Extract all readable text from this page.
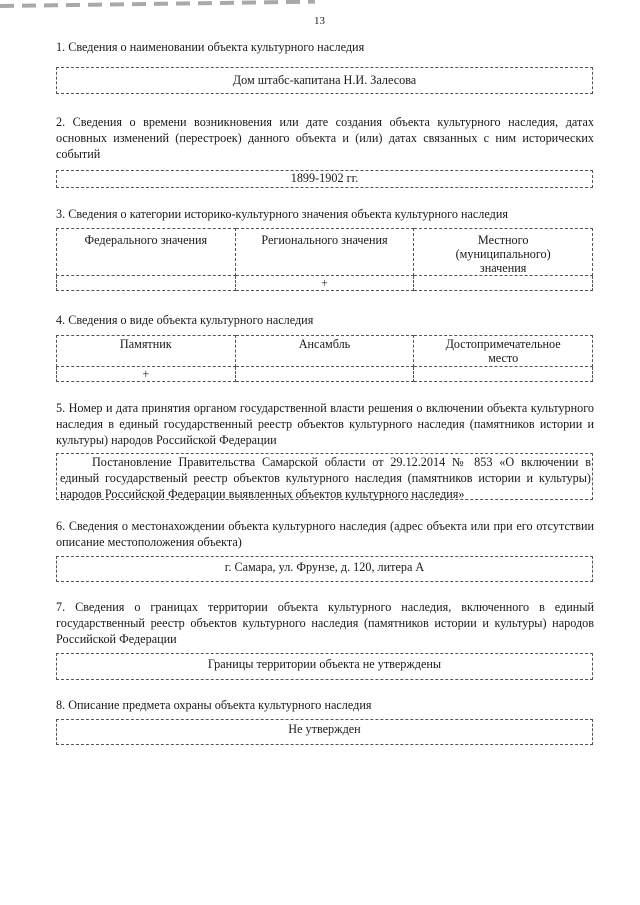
13
1. Сведения о наименовании объекта культурного наследия
Дом штабс-капитана Н.И. Залесова
2. Сведения о времени возникновения или дате создания объекта культурного наследия, датах основных изменений (перестроек) данного объекта и (или) датах связанных с ним исторических событий
1899-1902 гг.
3. Сведения о категории историко-культурного значения объекта культурного наследия
Федерального значения	Регионального значения	Местного (муниципального) значения
	+	
4. Сведения о виде объекта культурного наследия
Памятник	Ансамбль	Достопримечательное место
+		
5. Номер и дата принятия органом государственной власти решения о включении объекта культурного наследия в единый государственный реестр объектов культурного наследия (памятников истории и культуры) народов Российской Федерации
Постановление Правительства Самарской области от 29.12.2014 № 853 «О включении в единый государственый реестр объектов культурного наследия (памятников истории и культуры) народов Российской Федерации выявленных объектов культурного наследия»
6. Сведения о местонахождении объекта культурного наследия (адрес объекта или при его отсутствии описание местоположения объекта)
г. Самара, ул. Фрунзе, д. 120, литера А
7. Сведения о границах территории объекта культурного наследия, включенного в единый государственный реестр объектов культурного наследия (памятников истории и культуры) народов Российской Федерации
Границы территории объекта не утверждены
8. Описание предмета охраны объекта культурного наследия
Не утвержден
